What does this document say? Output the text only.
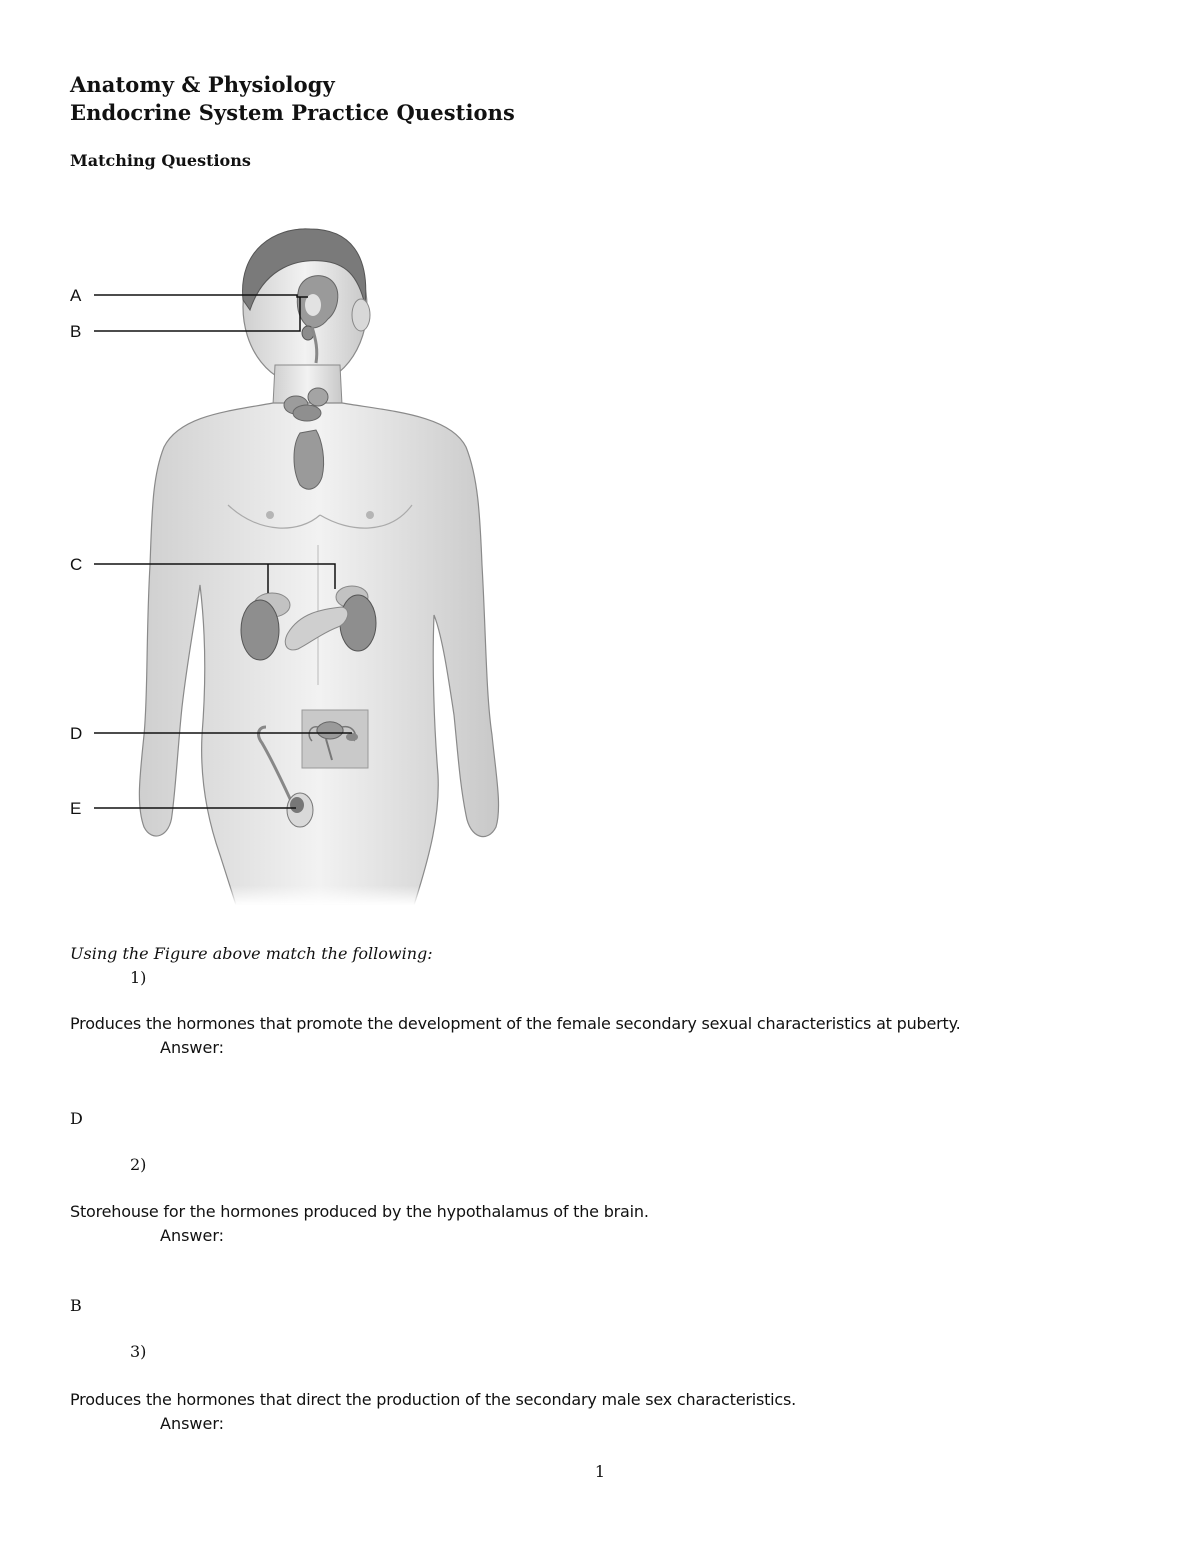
Anatomy & Physiology
Endocrine System Practice Questions
Matching Questions
A
B
C
D
E
Using the Figure above match the following:
1)
Produces the hormones that promote the development of the female secondary sexual characteristics at puberty.
Answer:
D
2)
Storehouse for the hormones produced by the hypothalamus of the brain.
Answer:
B
3)
Produces the hormones that direct the production of the secondary male sex characteristics.
Answer:
1
